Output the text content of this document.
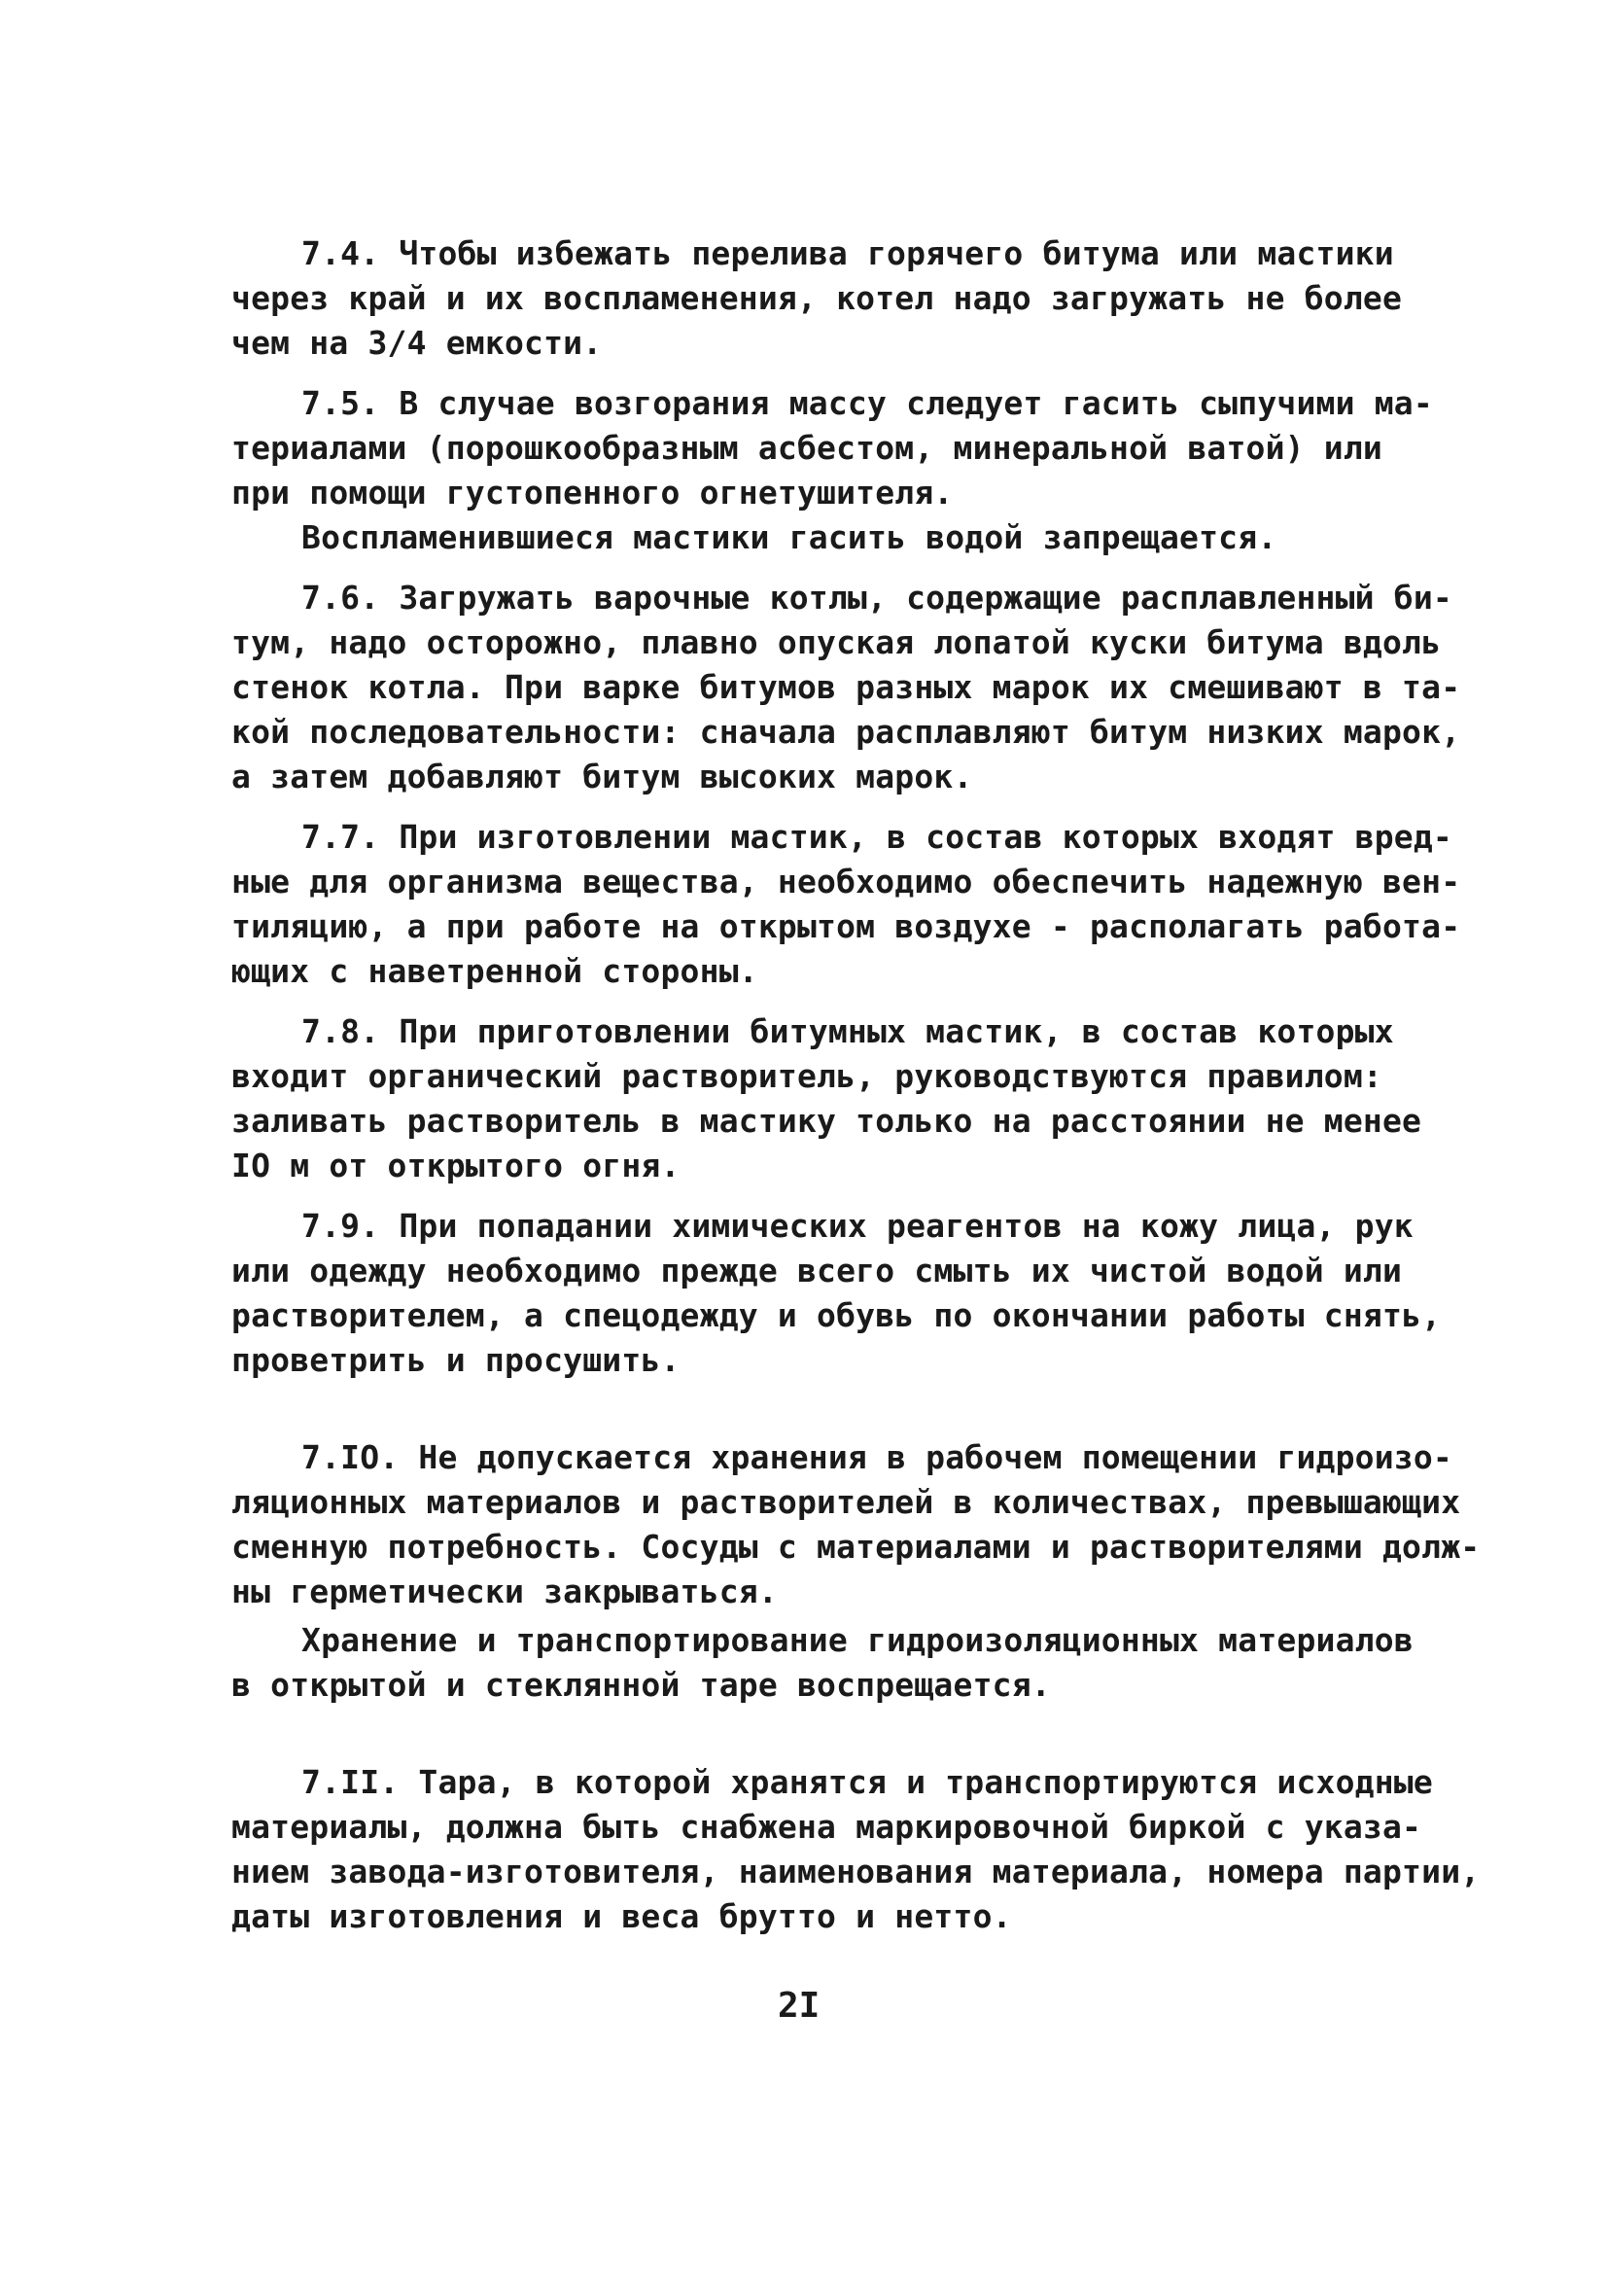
7.4. Чтобы избежать перелива горячего битума или мастики
через край и их воспламенения, котел надо загружать не более
чем на 3/4 емкости.
7.5. В случае возгорания массу следует гасить сыпучими ма-
териалами (порошкообразным асбестом, минеральной ватой) или
при помощи густопенного огнетушителя.
Воспламенившиеся мастики гасить водой запрещается.
7.6. Загружать варочные котлы, содержащие расплавленный би-
тум, надо осторожно, плавно опуская лопатой куски битума вдоль
стенок котла. При варке битумов разных марок их смешивают в та-
кой последовательности: сначала расплавляют битум низких марок,
а затем добавляют битум высоких марок.
7.7. При изготовлении мастик, в состав которых входят вред-
ные для организма вещества, необходимо обеспечить надежную вен-
тиляцию, а при работе на открытом воздухе - располагать работа-
ющих с наветренной стороны.
7.8. При приготовлении битумных мастик, в состав которых
входит органический растворитель, руководствуются правилом:
заливать растворитель в мастику только на расстоянии не менее
IO м от открытого огня.
7.9. При попадании химических реагентов на кожу лица, рук
или одежду необходимо прежде всего смыть их чистой водой или
растворителем, а спецодежду и обувь по окончании работы снять,
проветрить и просушить.
7.IO. Не допускается хранения в рабочем помещении гидроизо-
ляционных материалов и растворителей в количествах, превышающих
сменную потребность. Сосуды с материалами и растворителями долж-
ны герметически закрываться.
Хранение и транспортирование гидроизоляционных материалов
в открытой и стеклянной таре воспрещается.
7.II. Тара, в которой хранятся и транспортируются исходные
материалы, должна быть снабжена маркировочной биркой с указа-
нием завода-изготовителя, наименования материала, номера партии,
даты изготовления и веса брутто и нетто.
2I
